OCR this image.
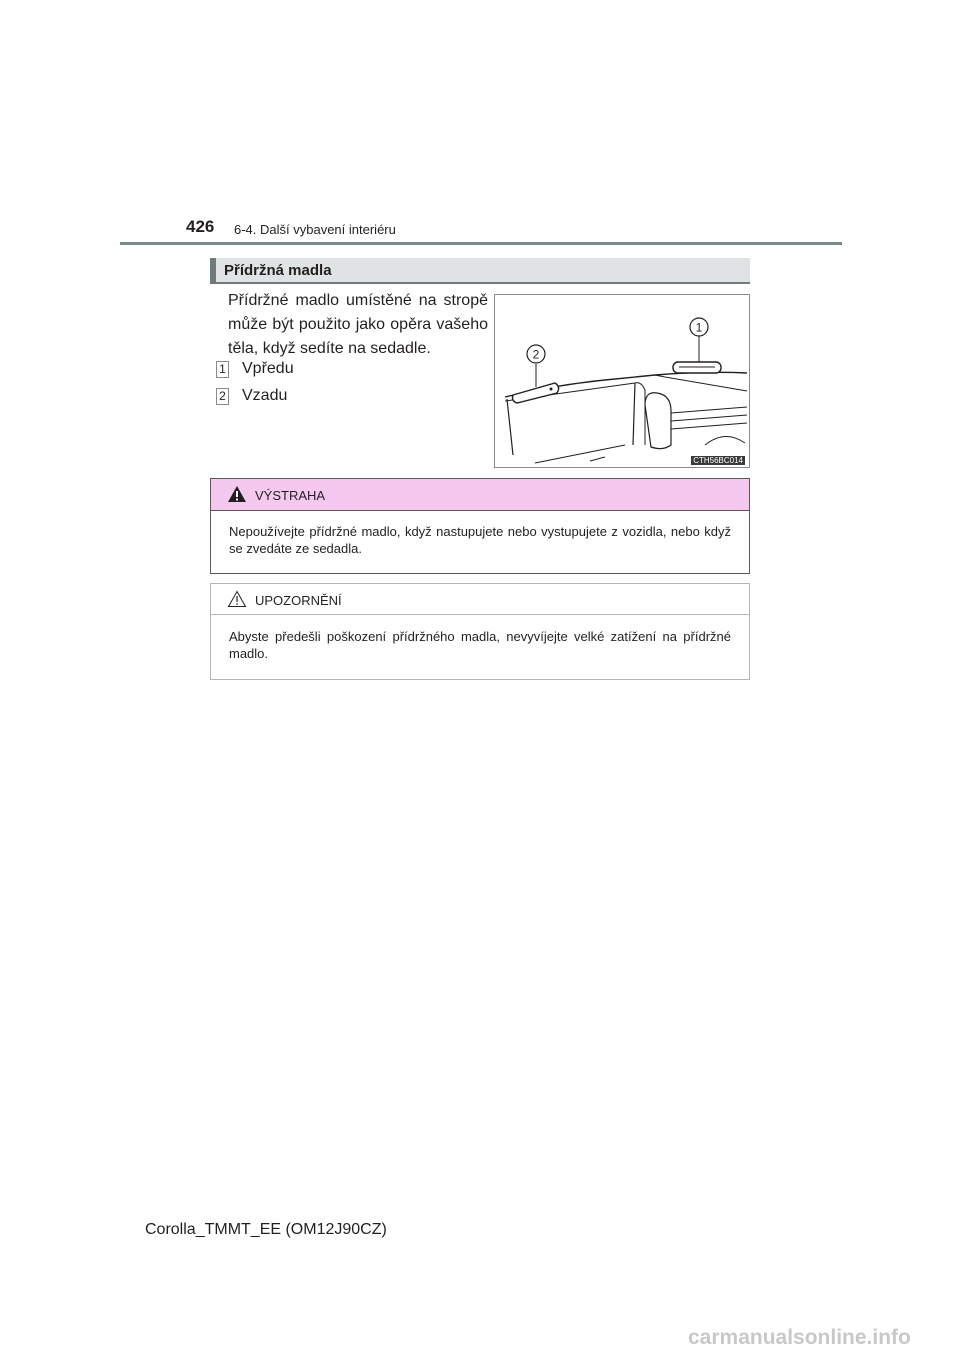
426 6-4. Další vybavení interiéru
Přídržná madla
Přídržné madlo umístěné na stropě může být použito jako opěra vašeho těla, když sedíte na sedadle.
1 Vpředu
2 Vzadu
1
2
CTH56BC014
VÝSTRAHA
Nepoužívejte přídržné madlo, když nastupujete nebo vystupujete z vozidla, nebo když se zvedáte ze sedadla.
UPOZORNĚNÍ
Abyste předešli poškození přídržného madla, nevyvíjejte velké zatížení na přídržné madlo.
Corolla_TMMT_EE (OM12J90CZ)
carmanualsonline.info
